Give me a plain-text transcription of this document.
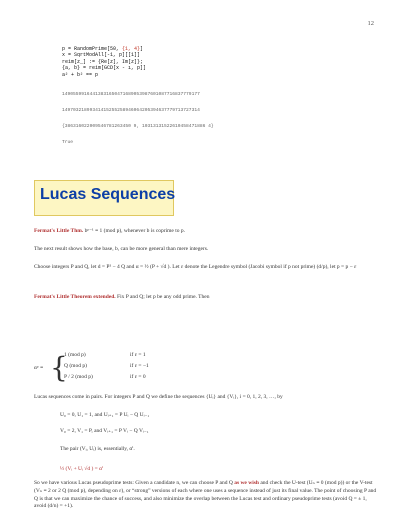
12
p = RandomPrime[50, {1, 4}]
x = SqrtModAll[-1, p][[1]]
reim[z_] := {Re[z], Im[z]};
{a, b} = reim[GCD[x - ı, p]]
a² + b² == p
14905599164413831650471689053987601087716837779177
14970321899341415255258946064205394637779713727314
{386316022009546781263450 9, 10313131522610458471886 4}
True
Lucas Sequences
Fermat's Little Thm. bᵖ⁻¹ ≡ 1 (mod p), whenever b is coprime to p.
The next result shows how the base, b, can be more general than mere integers.
Choose integers P and Q, let d = P² − 4 Q and α = ½ (P + √d ). Let ε denote the Legendre symbol (Jacobi symbol if p not prime) (d/p), let p = p − ε
Fermat's Little Theorem extended. Fix P and Q; let p be any odd prime. Then
αᵖ ≡ {
1 (mod p)	if ε = 1
Q (mod p)	if ε = −1
P / 2 (mod p)	if ε = 0
Lucas sequences come in pairs. For integers P and Q we define the sequences {Uᵢ} and {Vᵢ}, i = 0, 1, 2, 3, …, by
U₀ = 0, U₁ = 1, and Uᵢ₊₁ = P Uᵢ − Q Uᵢ₋₁
V₀ = 2, V₁ = P, and Vᵢ₊₁ = P Vᵢ − Q Vᵢ₋₁
The pair (Vᵢ, Uᵢ) is, essentially, αⁱ.
½ (Vᵢ + Uᵢ √d ) = αⁱ
So we have various Lucas pseudoprime tests: Given a candidate n, we can choose P and Q as we wish and check the U-test (Uₙ ≡ 0 (mod p)) or the V-test (Vₙ ≡ 2 or 2 Q (mod p), depending on ε), or “strong” versions of each where one uses a sequence instead of just its final value. The point of choosing P and Q is that we can maximize the chance of success, and also minimize the overlap between the Lucas test and ordinary pseudoprime tests (avoid Q = ± 1, avoid (d/n) = +1).
